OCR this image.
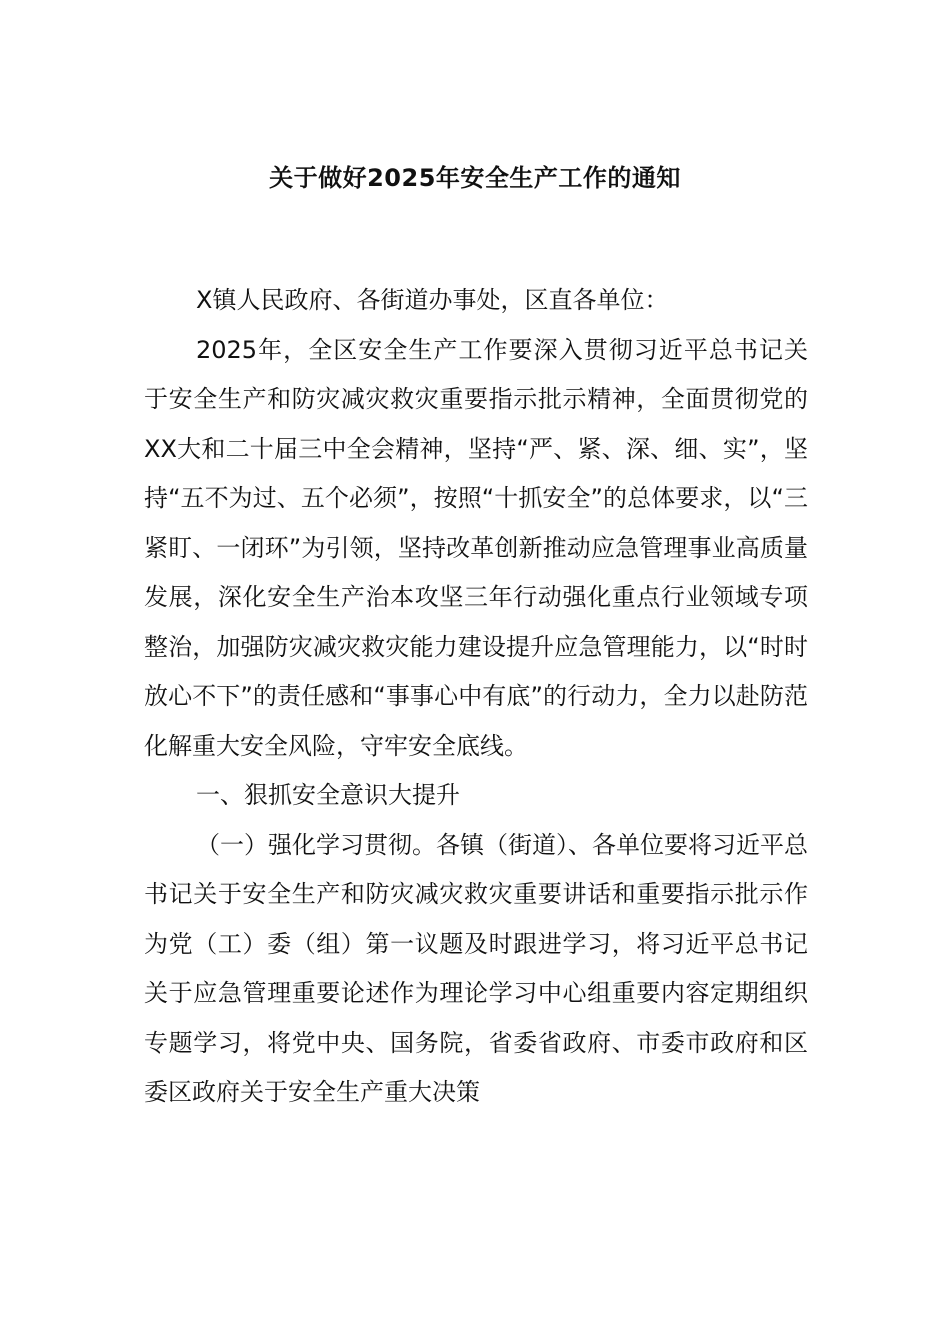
关于做好2025年安全生产工作的通知

X镇人民政府、各街道办事处，区直各单位：

2025年，全区安全生产工作要深入贯彻习近平总书记关于安全生产和防灾减灾救灾重要指示批示精神，全面贯彻党的XX大和二十届三中全会精神，坚持“严、紧、深、细、实”，坚持“五不为过、五个必须”，按照“十抓安全”的总体要求，以“三紧盯、一闭环”为引领，坚持改革创新推动应急管理事业高质量发展，深化安全生产治本攻坚三年行动强化重点行业领域专项整治，加强防灾减灾救灾能力建设提升应急管理能力，以“时时放心不下”的责任感和“事事心中有底”的行动力，全力以赴防范化解重大安全风险，守牢安全底线。

一、狠抓安全意识大提升

（一）强化学习贯彻。各镇（街道）、各单位要将习近平总书记关于安全生产和防灾减灾救灾重要讲话和重要指示批示作为党（工）委（组）第一议题及时跟进学习，将习近平总书记关于应急管理重要论述作为理论学习中心组重要内容定期组织专题学习，将党中央、国务院，省委省政府、市委市政府和区委区政府关于安全生产重大决策
